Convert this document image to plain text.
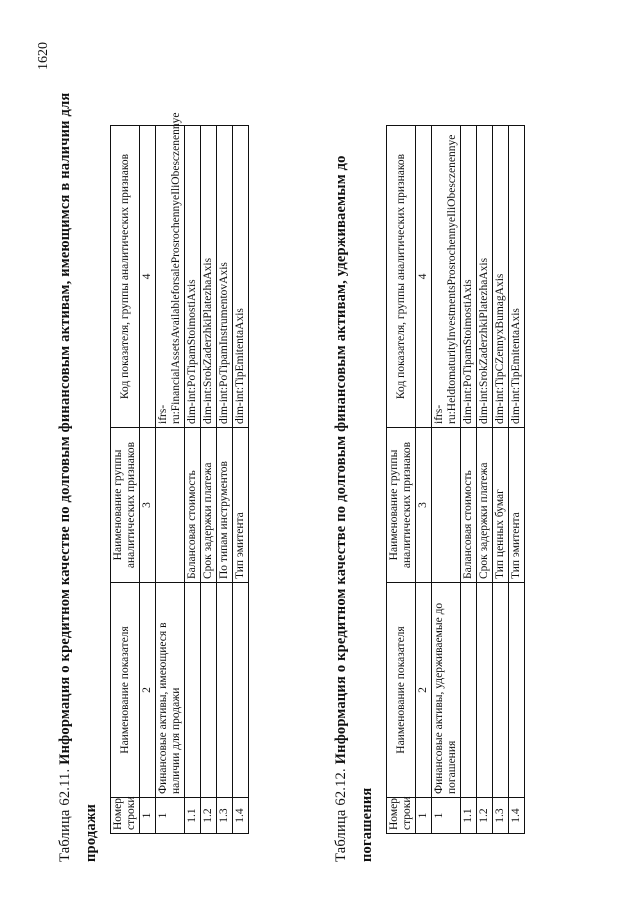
1620
Таблица 62.11. Информация о кредитном качестве по долговым финансовым активам, имеющимся в наличии для продажи	Номер строки	Наименование показателя	Наименование группы аналитических признаков	Код показателя, группы аналитических признаков
1	2	3	4
1	Финансовые активы, имеющиеся в наличии для продажи		ifrs-ru:FinancialAssetsAvailableforsaleProsrochennyeIliObesczenennye
1.1		Балансовая стоимость	dim-int:PoTipamStoimostiAxis
1.2		Срок задержки платежа	dim-int:SrokZaderzhkiPlatezhaAxis
1.3		По типам инструментов	dim-int:PoTipamInstrumentovAxis
1.4		Тип эмитента	dim-int:TipEmitentaAxis
Таблица 62.12. Информация о кредитном качестве по долговым финансовым активам, удерживаемым до погашения	Номер строки	Наименование показателя	Наименование группы аналитических признаков	Код показателя, группы аналитических признаков
1	2	3	4
1	Финансовые активы, удерживаемые до погашения		ifrs-ru:HeldtomaturityInvestmentsProsrochennyeIliObesczenennye
1.1		Балансовая стоимость	dim-int:PoTipamStoimostiAxis
1.2		Срок задержки платежа	dim-int:SrokZaderzhkiPlatezhaAxis
1.3		Тип ценных бумаг	dim-int:TipCZennyxBumagAxis
1.4		Тип эмитента	dim-int:TipEmitentaAxis
